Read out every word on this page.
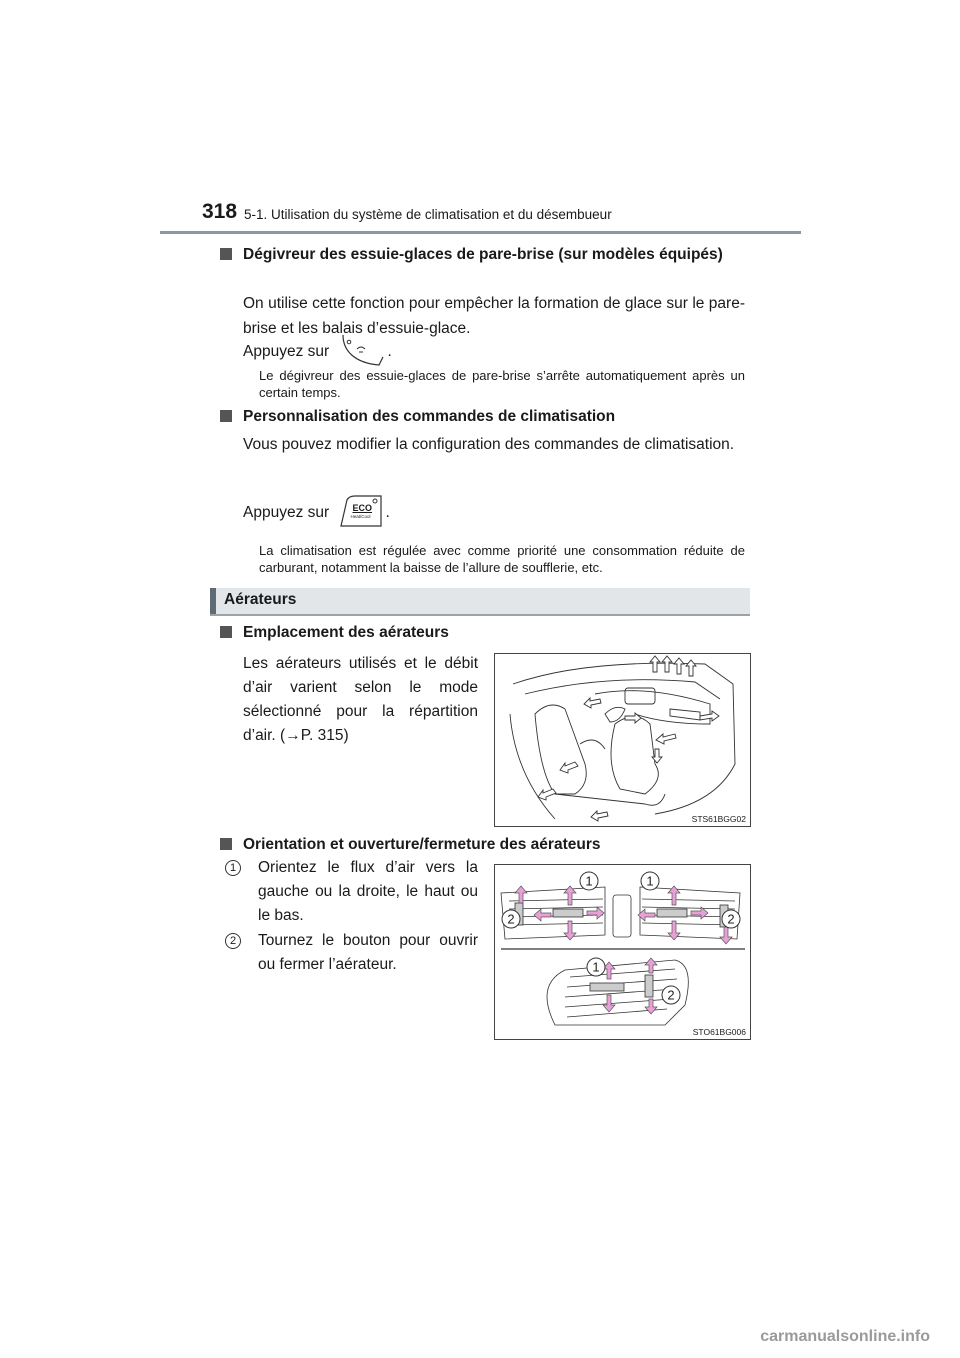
318 5-1. Utilisation du système de climatisation et du désembueur
Dégivreur des essuie-glaces de pare-brise (sur modèles équipés)
On utilise cette fonction pour empêcher la formation de glace sur le pare-brise et les balais d’essuie-glace.
Appuyez sur	.
Le dégivreur des essuie-glaces de pare-brise s’arrête automatiquement après un certain temps.
Personnalisation des commandes de climatisation
Vous pouvez modifier la configuration des commandes de climatisation.
Appuyez sur	ECO
Heat/Cool .
La climatisation est régulée avec comme priorité une consommation réduite de carburant, notamment la baisse de l’allure de soufflerie, etc.
Aérateurs
Emplacement des aérateurs
Les aérateurs utilisés et le débit d’air varient selon le mode sélectionné pour la répartition d’air. (→P. 315)
STS61BGG02
Orientation et ouverture/fermeture des aérateurs
1	Orientez le flux d’air vers la gauche ou la droite, le haut ou le bas.
2	Tournez le bouton pour ouvrir ou fermer l’aérateur.
1	1
2	2
1
2
STO61BG006
carmanualsonline.info
